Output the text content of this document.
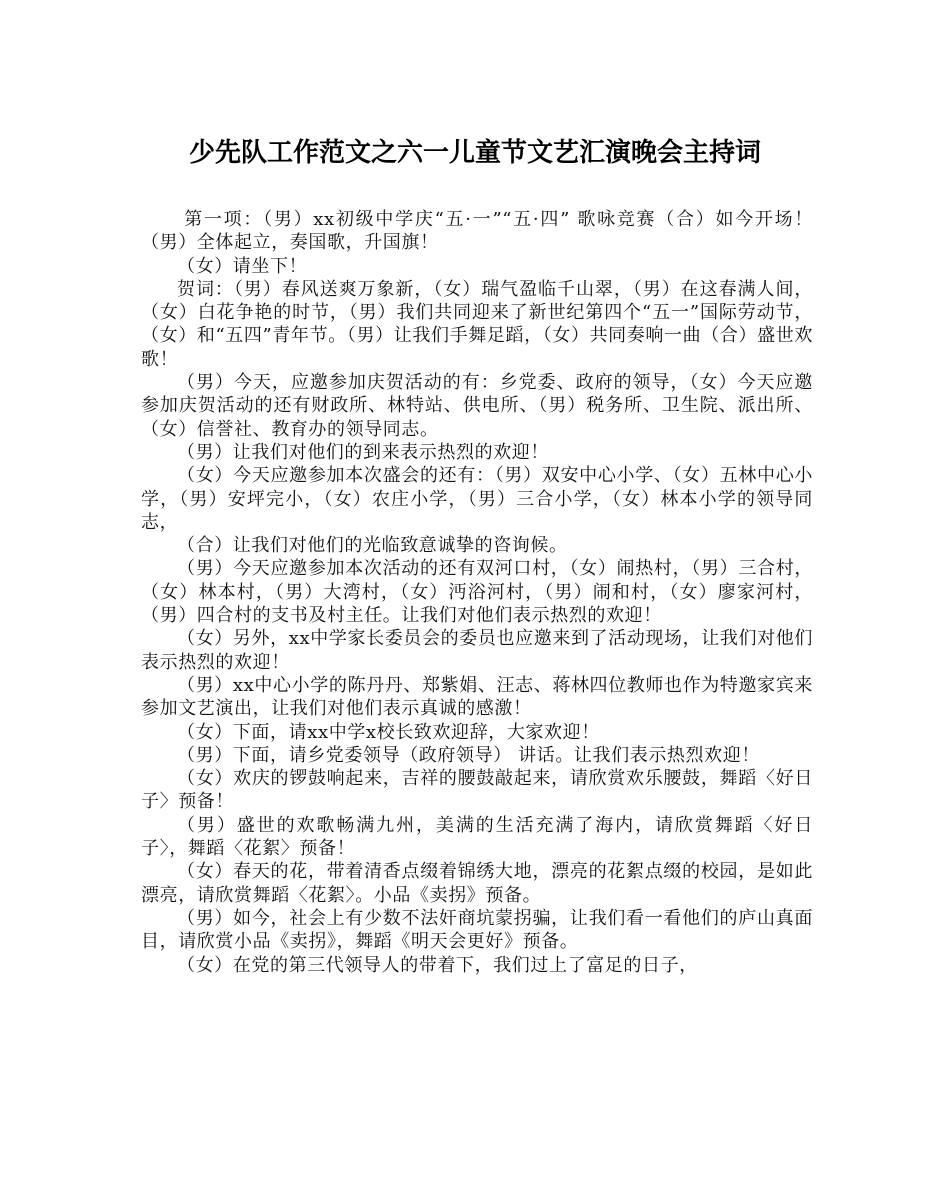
少先队工作范文之六一儿童节文艺汇演晚会主持词

第一项：（男）xx初级中学庆“五·一”“五·四” 歌咏竞赛（合）如今开场！（男）全体起立，奏国歌，升国旗！

（女）请坐下！

贺词：（男）春风送爽万象新，（女）瑞气盈临千山翠，（男）在这春满人间，（女）白花争艳的时节，（男）我们共同迎来了新世纪第四个“五一”国际劳动节，（女）和“五四”青年节。（男）让我们手舞足蹈，（女）共同奏响一曲（合）盛世欢歌！

（男）今天，应邀参加庆贺活动的有：乡党委、政府的领导，（女）今天应邀参加庆贺活动的还有财政所、林特站、供电所、（男）税务所、卫生院、派出所、（女）信誉社、教育办的领导同志。

（男）让我们对他们的到来表示热烈的欢迎！

（女）今天应邀参加本次盛会的还有：（男）双安中心小学、（女）五林中心小学，（男）安坪完小，（女）农庄小学，（男）三合小学，（女）林本小学的领导同志，

（合）让我们对他们的光临致意诚挚的咨询候。

（男）今天应邀参加本次活动的还有双河口村，（女）闹热村，（男）三合村，（女）林本村，（男）大湾村，（女）沔浴河村，（男）闹和村，（女）廖家河村，（男）四合村的支书及村主任。让我们对他们表示热烈的欢迎！

（女）另外，xx中学家长委员会的委员也应邀来到了活动现场，让我们对他们表示热烈的欢迎！

（男）xx中心小学的陈丹丹、郑紫娟、汪志、蒋林四位教师也作为特邀家宾来参加文艺演出，让我们对他们表示真诚的感激！

（女）下面，请xx中学x校长致欢迎辞，大家欢迎！

（男）下面，请乡党委领导（政府领导） 讲话。让我们表示热烈欢迎！

（女）欢庆的锣鼓响起来，吉祥的腰鼓敲起来，请欣赏欢乐腰鼓，舞蹈〈好日子〉预备！

（男）盛世的欢歌畅满九州，美满的生活充满了海内，请欣赏舞蹈〈好日子〉，舞蹈〈花絮〉预备！

（女）春天的花，带着清香点缀着锦绣大地，漂亮的花絮点缀的校园，是如此漂亮，请欣赏舞蹈〈花絮〉。小品《卖拐》预备。

（男）如今，社会上有少数不法奸商坑蒙拐骗，让我们看一看他们的庐山真面目，请欣赏小品《卖拐》，舞蹈《明天会更好》预备。

（女）在党的第三代领导人的带着下，我们过上了富足的日子，
